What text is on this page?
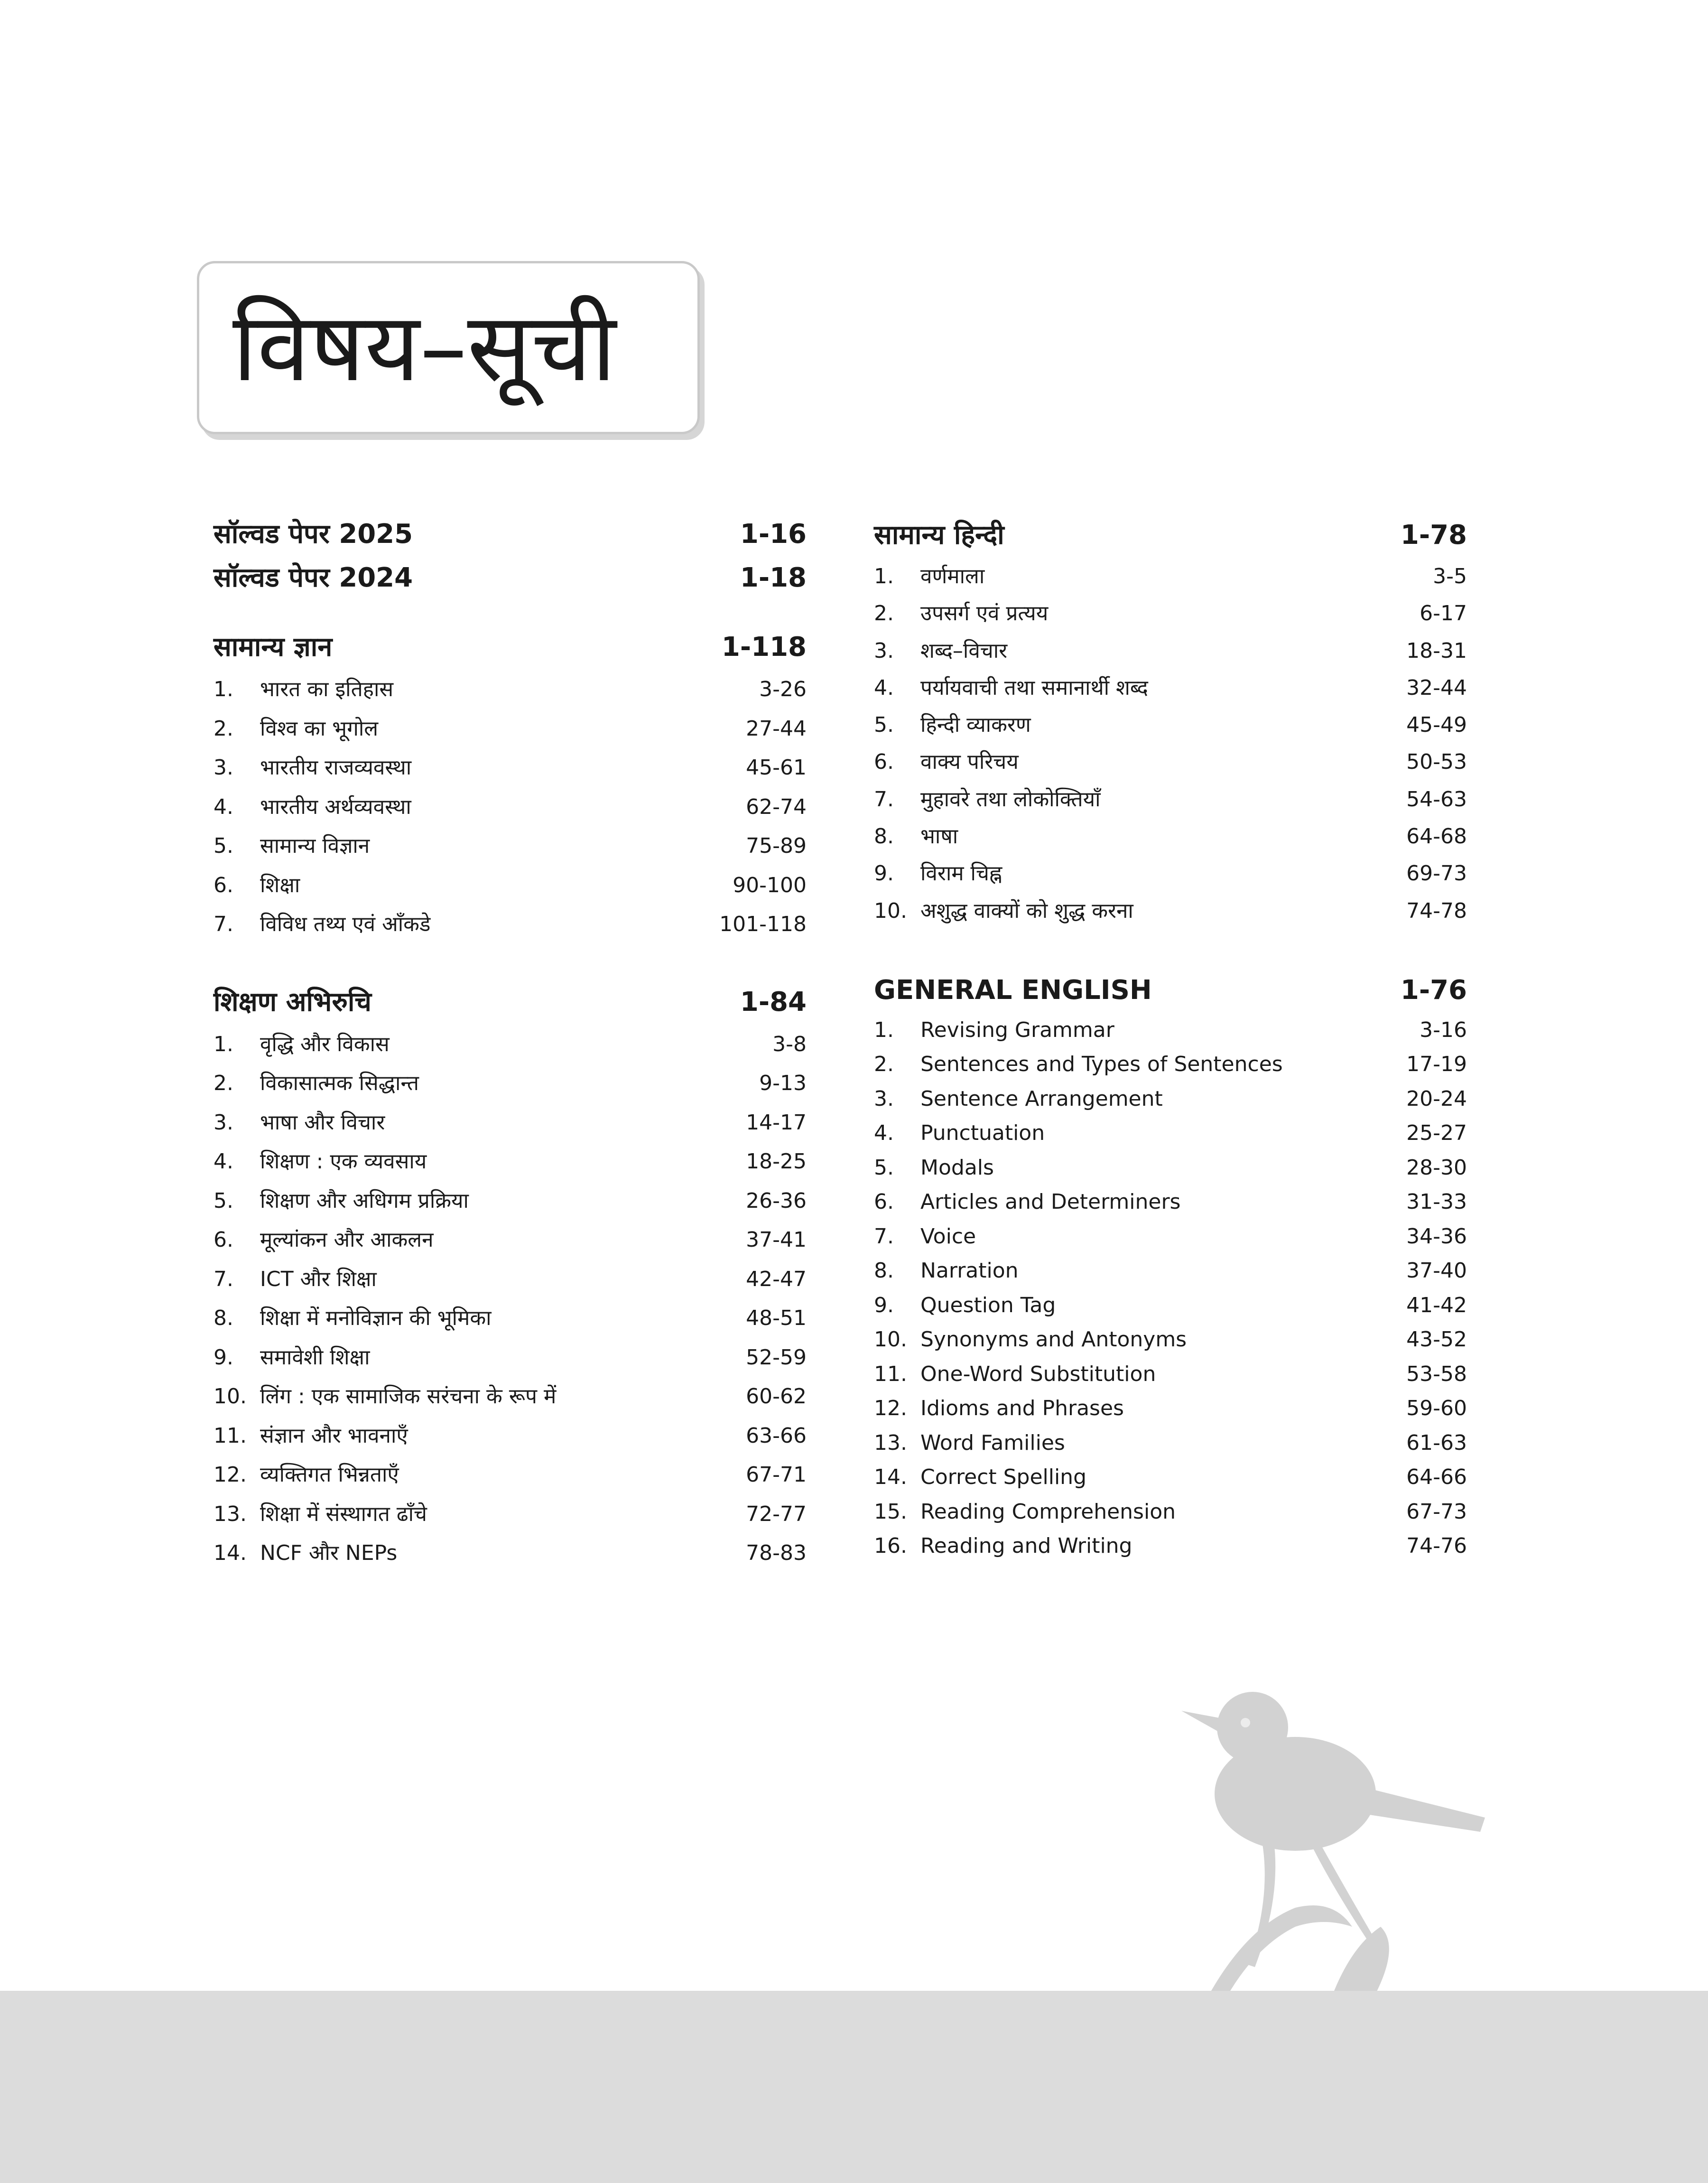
विषय–सूची
सॉल्वड पेपर 2025	1-16
सॉल्वड पेपर 2024	1-18
सामान्य ज्ञान	1-118
1.	भारत का इतिहास	3-26
2.	विश्व का भूगोल	27-44
3.	भारतीय राजव्यवस्था	45-61
4.	भारतीय अर्थव्यवस्था	62-74
5.	सामान्य विज्ञान	75-89
6.	शिक्षा	90-100
7.	विविध तथ्य एवं आँकडे	101-118
शिक्षण अभिरुचि	1-84
1.	वृद्धि और विकास	3-8
2.	विकासात्मक सिद्धान्त	9-13
3.	भाषा और विचार	14-17
4.	शिक्षण : एक व्यवसाय	18-25
5.	शिक्षण और अधिगम प्रक्रिया	26-36
6.	मूल्यांकन और आकलन	37-41
7.	ICT और शिक्षा	42-47
8.	शिक्षा में मनोविज्ञान की भूमिका	48-51
9.	समावेशी शिक्षा	52-59
10. लिंग : एक सामाजिक सरंचना के रूप में	60-62
11. संज्ञान और भावनाएँ	63-66
12. व्यक्तिगत भिन्नताएँ	67-71
13. शिक्षा में संस्थागत ढाँचे	72-77
14. NCF और NEPs	78-83
सामान्य हिन्दी	1-78
1.	वर्णमाला	3-5
2.	उपसर्ग एवं प्रत्यय	6-17
3.	शब्द–विचार	18-31
4.	पर्यायवाची तथा समानार्थी शब्द	32-44
5.	हिन्दी व्याकरण	45-49
6.	वाक्य परिचय	50-53
7.	मुहावरे तथा लोकोक्तियाँ	54-63
8.	भाषा	64-68
9.	विराम चिह्न	69-73
10. अशुद्ध वाक्यों को शुद्ध करना	74-78
GENERAL ENGLISH	1-76
1.	Revising Grammar	3-16
2.	Sentences and Types of Sentences	17-19
3.	Sentence Arrangement	20-24
4.	Punctuation	25-27
5.	Modals	28-30
6.	Articles and Determiners	31-33
7.	Voice	34-36
8.	Narration	37-40
9.	Question Tag	41-42
10. Synonyms and Antonyms	43-52
11. One-Word Substitution	53-58
12. Idioms and Phrases	59-60
13. Word Families	61-63
14. Correct Spelling	64-66
15. Reading Comprehension	67-73
16. Reading and Writing	74-76
